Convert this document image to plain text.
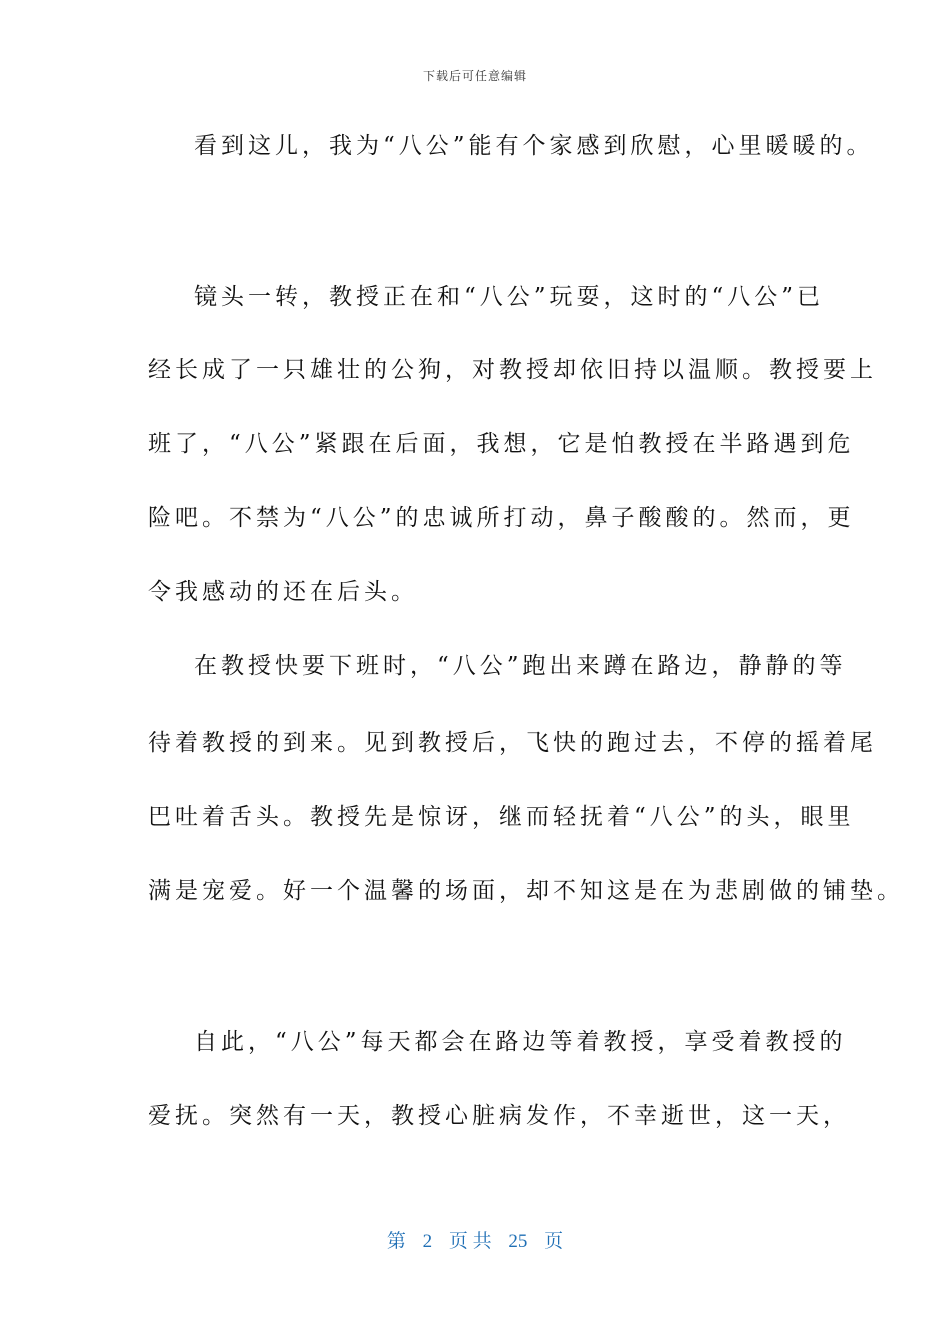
下载后可任意编辑
看到这儿，我为“八公”能有个家感到欣慰，心里暖暖的。
镜头一转，教授正在和“八公”玩耍，这时的“八公”已
经长成了一只雄壮的公狗，对教授却依旧持以温顺。教授要上
班了，“八公”紧跟在后面，我想，它是怕教授在半路遇到危
险吧。不禁为“八公”的忠诚所打动，鼻子酸酸的。然而，更
令我感动的还在后头。
在教授快要下班时，“八公”跑出来蹲在路边，静静的等
待着教授的到来。见到教授后，飞快的跑过去，不停的摇着尾
巴吐着舌头。教授先是惊讶，继而轻抚着“八公”的头，眼里
满是宠爱。好一个温馨的场面，却不知这是在为悲剧做的铺垫。
自此，“八公”每天都会在路边等着教授，享受着教授的
爱抚。突然有一天，教授心脏病发作，不幸逝世，这一天，
第 2 页 共 25 页
